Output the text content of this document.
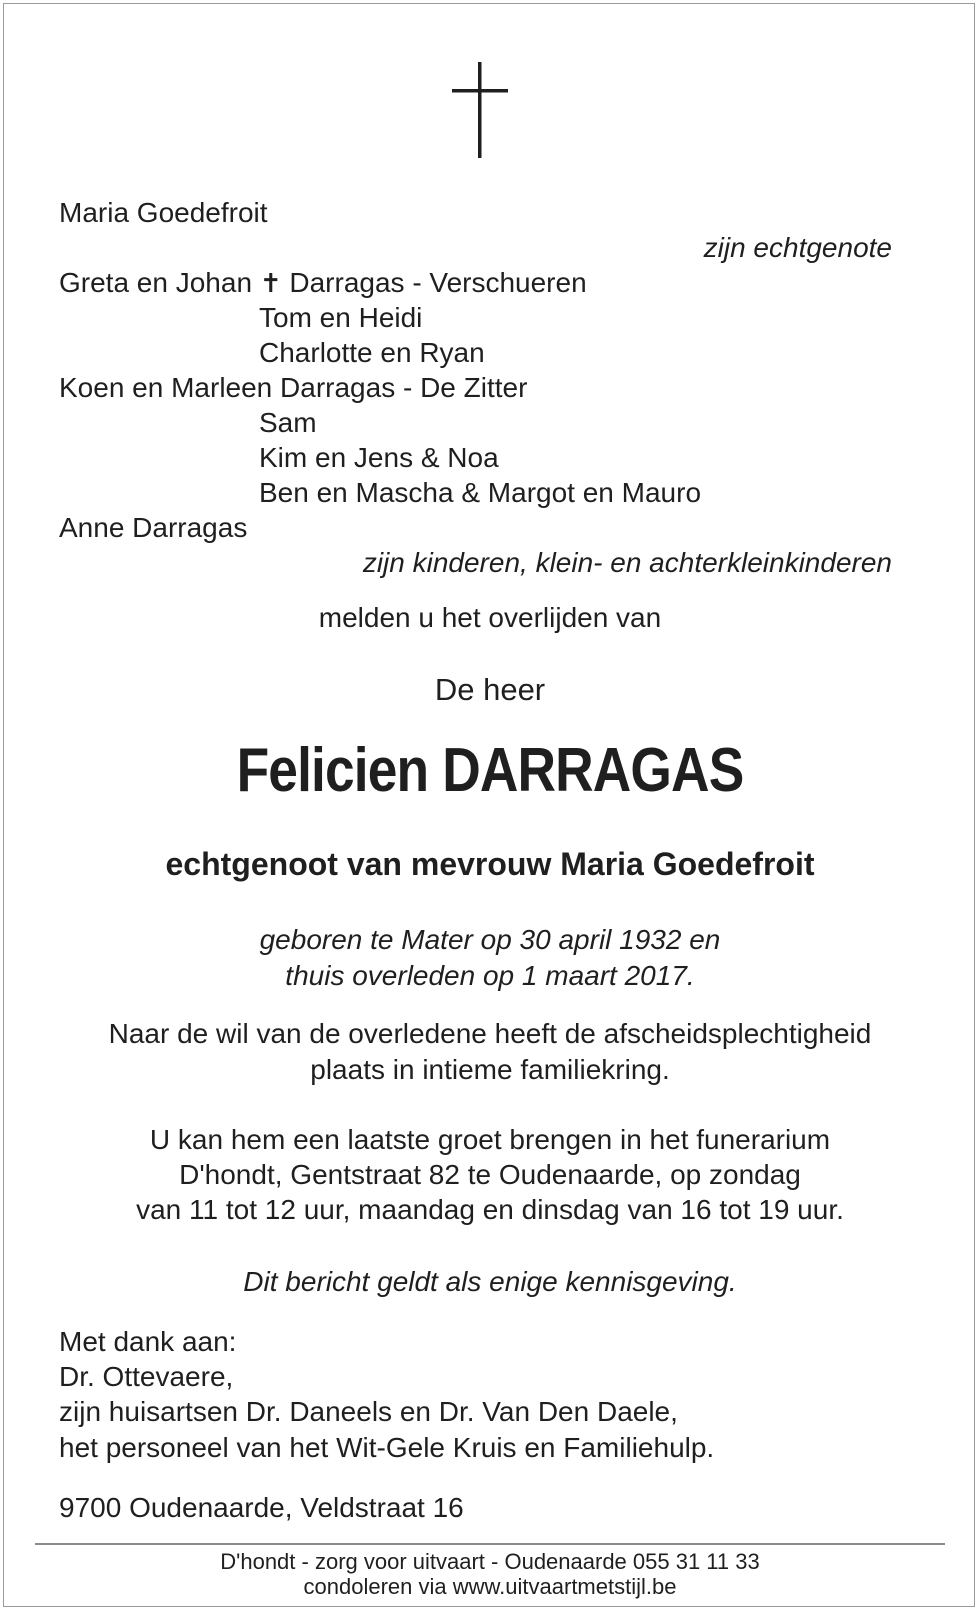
Maria Goedefroit
zijn echtgenote
Greta en Johan ✝ Darragas - Verschueren
Tom en Heidi
Charlotte en Ryan
Koen en Marleen Darragas - De Zitter
Sam
Kim en Jens & Noa
Ben en Mascha & Margot en Mauro
Anne Darragas
zijn kinderen, klein- en achterkleinkinderen
melden u het overlijden van
De heer
Felicien DARRAGAS
echtgenoot van mevrouw Maria Goedefroit
geboren te Mater op 30 april 1932 en
thuis overleden op 1 maart 2017.
Naar de wil van de overledene heeft de afscheidsplechtigheid
plaats in intieme familiekring.
U kan hem een laatste groet brengen in het funerarium
D'hondt, Gentstraat 82 te Oudenaarde, op zondag
van 11 tot 12 uur, maandag en dinsdag van 16 tot 19 uur.
Dit bericht geldt als enige kennisgeving.
Met dank aan:
Dr. Ottevaere,
zijn huisartsen Dr. Daneels en Dr. Van Den Daele,
het personeel van het Wit-Gele Kruis en Familiehulp.
9700 Oudenaarde, Veldstraat 16
D'hondt - zorg voor uitvaart - Oudenaarde 055 31 11 33
condoleren via www.uitvaartmetstijl.be
